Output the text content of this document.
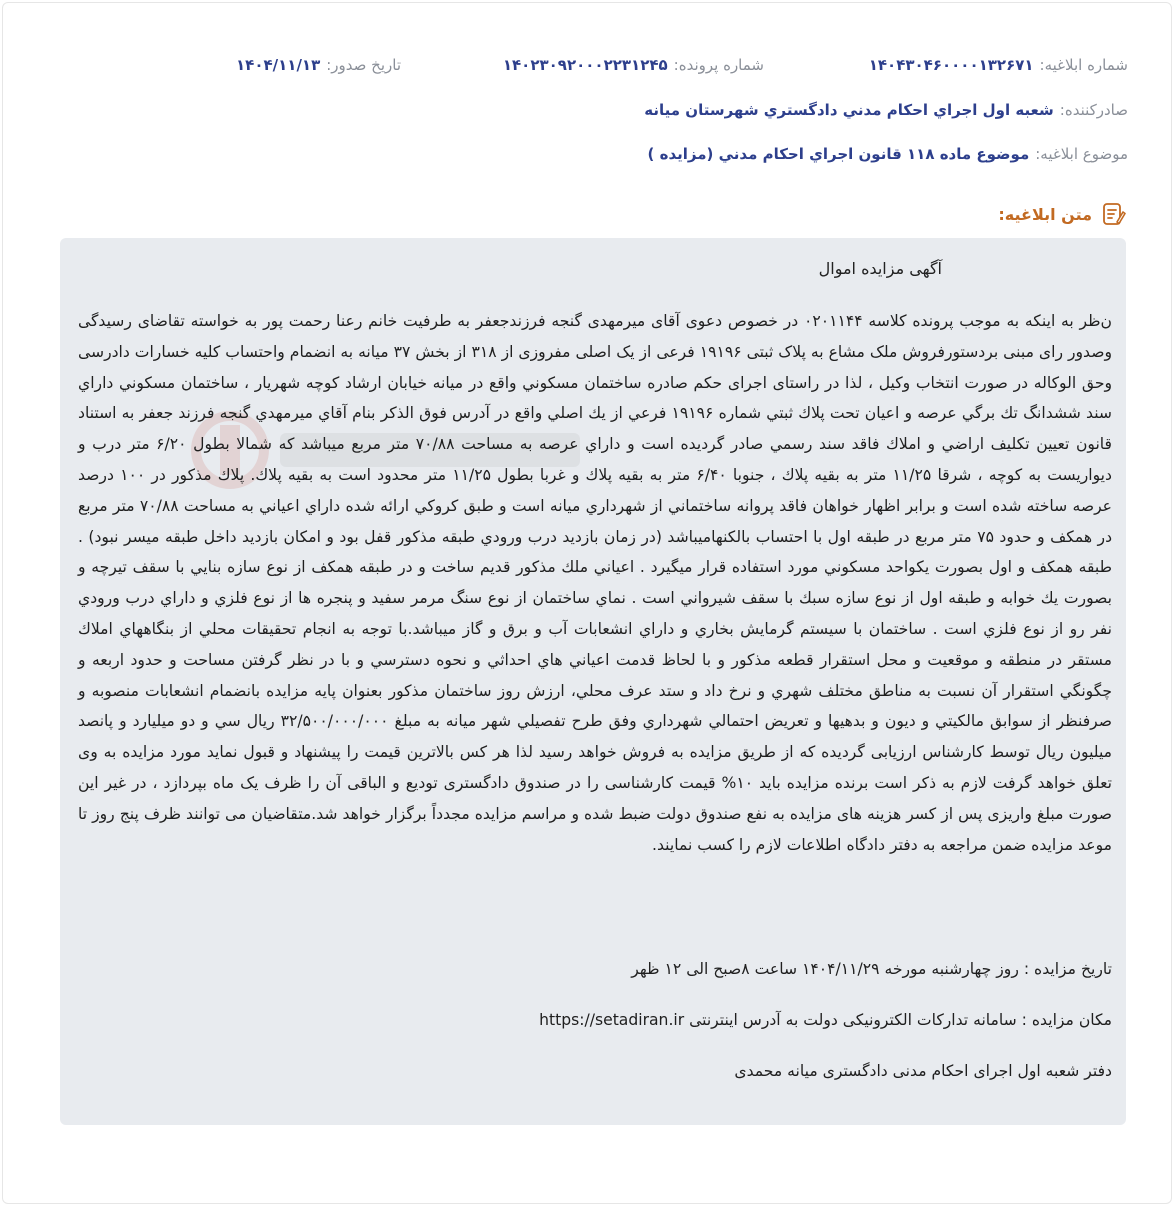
شماره ابلاغیه:
۱۴۰۴۳۰۴۶۰۰۰۰۱۳۲۶۷۱
شماره پرونده:
۱۴۰۲۳۰۹۲۰۰۰۲۲۳۱۲۴۵
تاریخ صدور:
۱۴۰۴/۱۱/۱۳
صادرکننده:
شعبه اول اجراي احكام مدني دادگستري شهرستان ميانه
موضوع ابلاغیه:
موضوع ماده ۱۱۸ قانون اجراي احكام مدني (مزايده )
متن ابلاغیه:
آگهی مزایده اموال
ن‌ظر به اینکه به موجب پرونده کلاسه ۰۲۰۱۱۴۴ در خصوص دعوی آقای میرمهدی گنجه فرزندجعفر به طرفیت خانم رعنا رحمت پور به خواسته تقاضای رسیدگی وصدور رای مبنی بردستورفروش ملک مشاع به پلاک ثبتی ۱۹۱۹۶ فرعی از یک اصلی مفروزی از ۳۱۸ از بخش ۳۷ میانه به انضمام واحتساب کلیه خسارات دادرسی وحق الوکاله در صورت انتخاب وکیل ، لذا در راستای اجرای حکم صادره ساختمان مسکوني واقع در ميانه خيابان ارشاد كوچه شهريار ، ساختمان مسكوني داراي سند ششدانگ تك برگي عرصه و اعيان تحت پلاك ثبتي شماره ۱۹۱۹۶ فرعي از يك اصلي واقع در آدرس فوق الذكر بنام آقاي ميرمهدي گنجه فرزند جعفر به استناد قانون تعيين تكليف اراضي و املاك فاقد سند رسمي صادر گرديده است و داراي عرصه به مساحت ۷۰/۸۸ متر مربع ميباشد كه شمالا بطول ۶/۲۰ متر درب و ديواريست به كوچه ، شرقا ۱۱/۲۵ متر به بقيه پلاك ، جنوبا ۶/۴۰ متر به بقيه پلاك و غربا بطول ۱۱/۲۵ متر محدود است به بقيه پلاك. پلاك مذكور در ۱۰۰ درصد عرصه ساخته شده است و برابر اظهار خواهان فاقد پروانه ساختماني از شهرداري ميانه است و طبق كروكي ارائه شده داراي اعياني به مساحت ۷۰/۸۸ متر مربع در همكف و حدود ۷۵ متر مربع در طبقه اول با احتساب بالكنهاميباشد (در زمان بازديد درب ورودي طبقه مذكور قفل بود و امكان بازديد داخل طبقه ميسر نبود) . طبقه همكف و اول بصورت يكواحد مسكوني مورد استفاده قرار ميگيرد . اعياني ملك مذكور قديم ساخت و در طبقه همكف از نوع سازه بنايي با سقف تيرچه و بصورت يك خوابه و طبقه اول از نوع سازه سبك با سقف شيرواني است . نماي ساختمان از نوع سنگ مرمر سفيد و پنجره ها از نوع فلزي و داراي درب ورودي نفر رو از نوع فلزي است . ساختمان با سيستم گرمايش بخاري و داراي انشعابات آب و برق و گاز ميباشد.با توجه به انجام تحقيقات محلي از بنگاههاي املاك مستقر در منطقه و موقعيت و محل استقرار قطعه مذكور و با لحاظ قدمت اعياني هاي احداثي و نحوه دسترسي و با در نظر گرفتن مساحت و حدود اربعه و چگونگي استقرار آن نسبت به مناطق مختلف شهري و نرخ داد و ستد عرف محلي، ارزش روز ساختمان مذكور بعنوان پايه مزايده بانضمام انشعابات منصوبه و صرفنظر از سوابق مالكيتي و ديون و بدهيها و تعريض احتمالي شهرداري وفق طرح تفصيلي شهر ميانه به مبلغ ۳۲/۵۰۰/۰۰۰/۰۰۰ ريال سي و دو ميليارد و پانصد ميليون ريال توسط كارشناس ارزيابی گرديده كه از طریق مزایده به فروش خواهد رسید لذا هر کس بالاترین قیمت را پیشنهاد و قبول نماید مورد مزایده به وی تعلق خواهد گرفت لازم به ذکر است برنده مزایده باید ۱۰% قیمت کارشناسی را در صندوق دادگستری تودیع و الباقی آن را ظرف یک ماه بپردازد ، در غیر این صورت مبلغ واریزی پس از کسر هزینه های مزایده به نفع صندوق دولت ضبط شده و مراسم مزایده مجدداً برگزار خواهد شد.متقاضیان می توانند ظرف پنج روز تا موعد مزایده ضمن مراجعه به دفتر دادگاه اطلاعات لازم را کسب نمایند.
تاریخ مزایده : روز چهارشنبه مورخه ۱۴۰۴/۱۱/۲۹ ساعت ۸صبح الی ۱۲ ظهر
مکان مزایده : سامانه تدارکات الکترونیکی دولت به آدرس اینترنتی https://setadiran.ir
دفتر شعبه اول اجرای احکام مدنی دادگستری میانه محمدی
